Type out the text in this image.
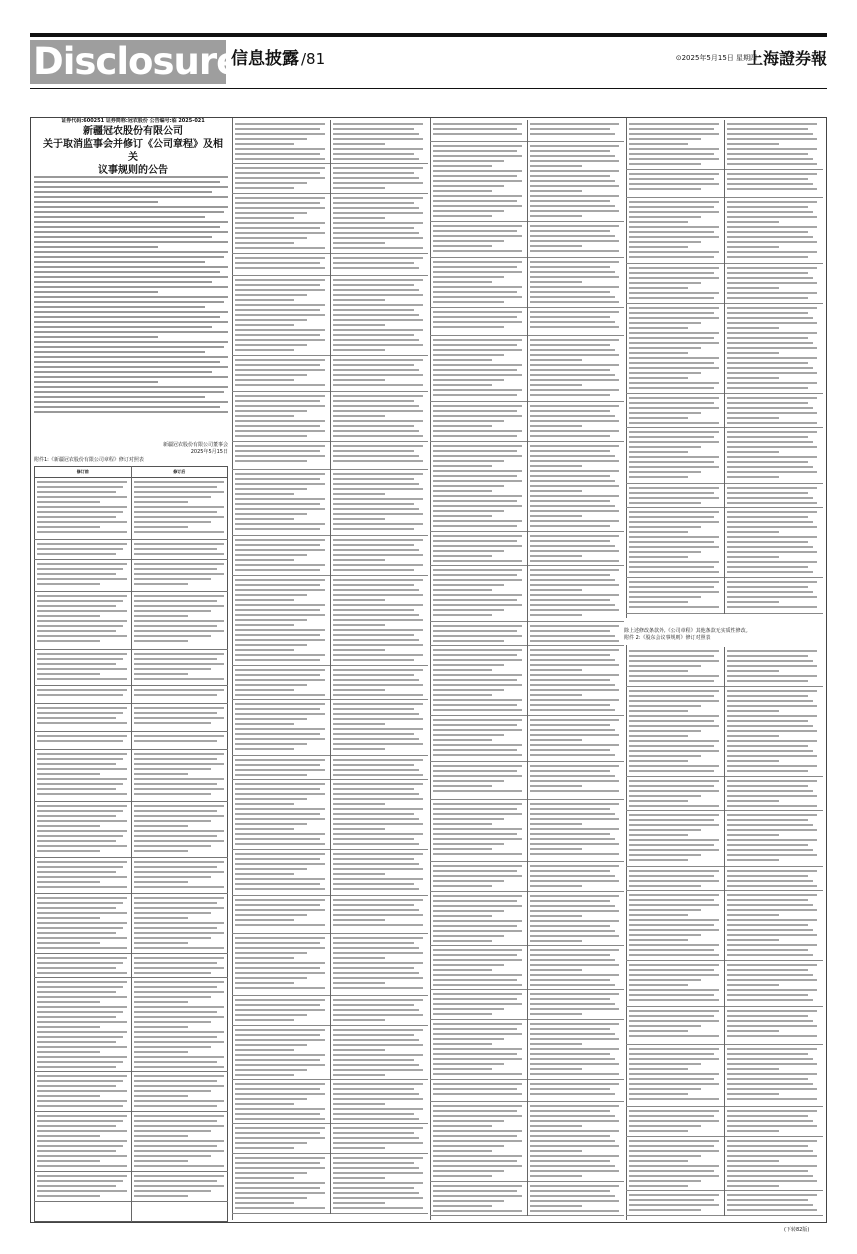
Disclosure
信息披露 /81	⊙2025年5月15日 星期四
上海證券報
证券代码:600251 证券简称:冠农股份 公告编号:临 2025-021
新疆冠农股份有限公司
关于取消监事会并修订《公司章程》及相关
议事规则的公告
新疆冠农股份有限公司董事会
2025年5月15日
附件1:《新疆冠农股份有限公司章程》修订对照表
修订前	修订后
除上述修改条款外,《公司章程》其他条款无实质性修改。
附件 2:《股东会议事规则》修订对照表
(下转82版)
